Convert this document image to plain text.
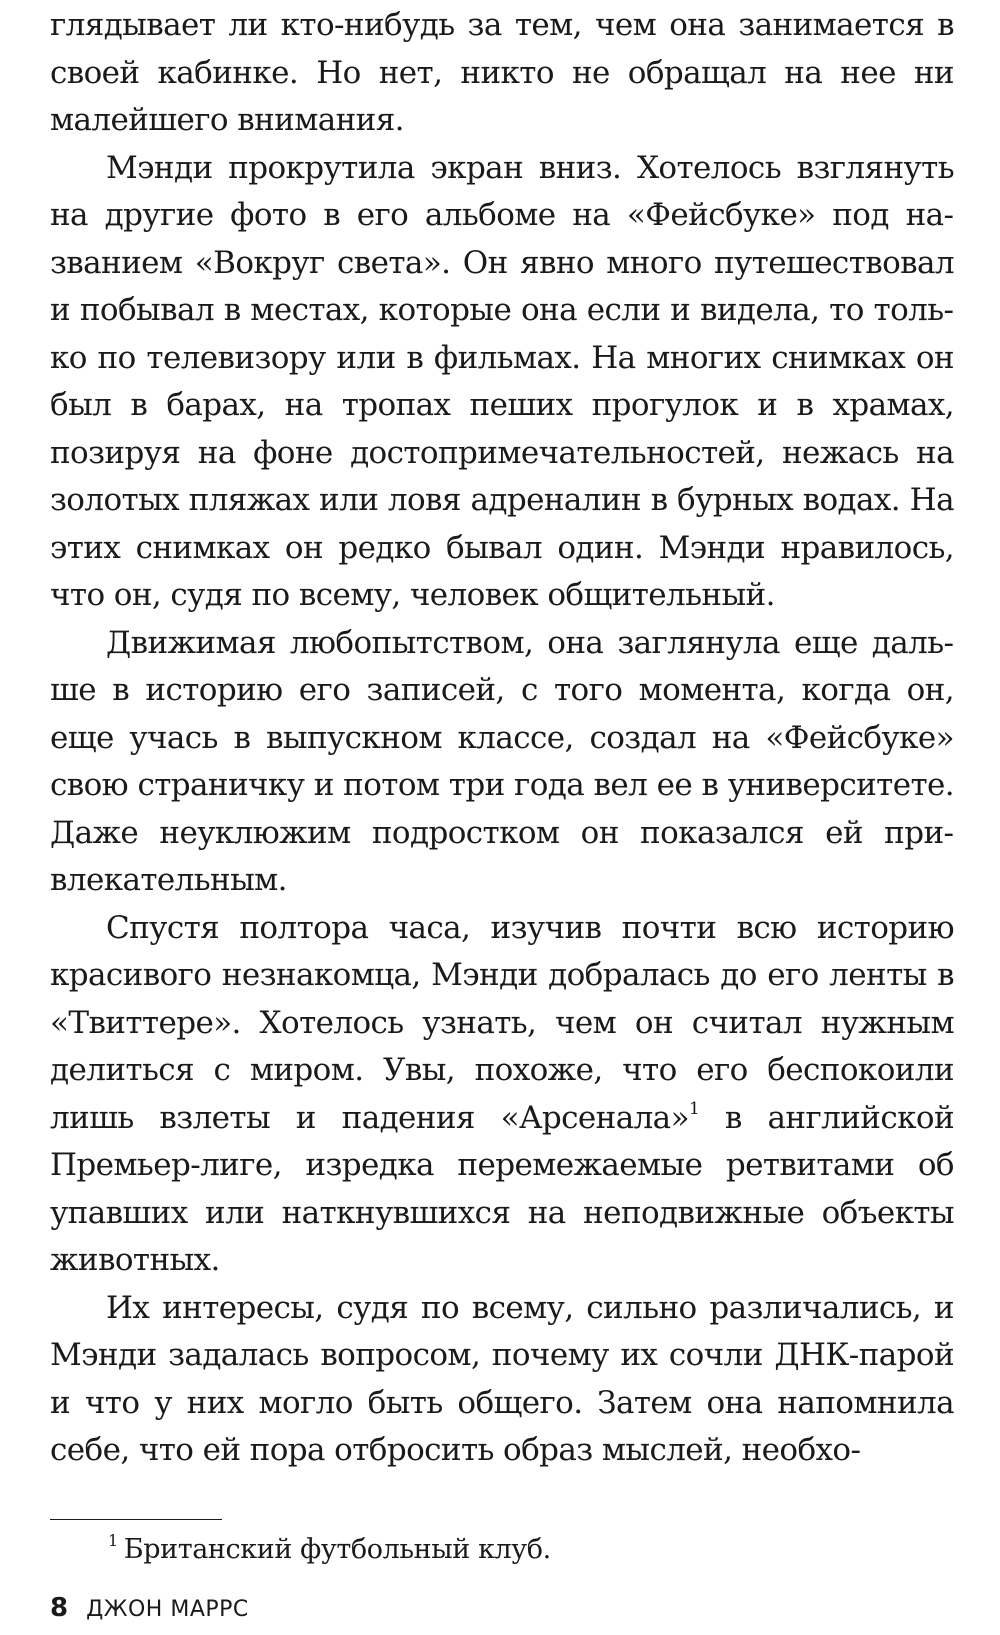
глядывает ли кто-нибудь за тем, чем она занимается в своей кабинке. Но нет, никто не обращал на нее ни малейшего внимания.

Мэнди прокрутила экран вниз. Хотелось взглянуть на другие фото в его альбоме на «Фейсбуке» под названием «Вокруг света». Он явно много путешествовал и побывал в местах, которые она если и видела, то только по телевизору или в фильмах. На многих снимках он был в барах, на тропах пеших прогулок и в храмах, позируя на фоне достопримечательностей, нежась на золотых пляжах или ловя адреналин в бурных водах. На этих снимках он редко бывал один. Мэнди нравилось, что он, судя по всему, человек общительный.

Движимая любопытством, она заглянула еще дальше в историю его записей, с того момента, когда он, еще учась в выпускном классе, создал на «Фейсбуке» свою страничку и потом три года вел ее в университете. Даже неуклюжим подростком он показался ей привлекательным.

Спустя полтора часа, изучив почти всю историю красивого незнакомца, Мэнди добралась до его ленты в «Твиттере». Хотелось узнать, чем он считал нужным делиться с миром. Увы, похоже, что его беспокоили лишь взлеты и падения «Арсенала»$^1$ в английской Премьер-лиге, изредка перемежаемые ретвитами об упавших или наткнувшихся на неподвижные объекты животных.

Их интересы, судя по всему, сильно различались, и Мэнди задалась вопросом, почему их сочли ДНК-парой и что у них могло быть общего. Затем она напомнила себе, что ей пора отбросить образ мыслей, необхо-

$^1$ Британский футбольный клуб.
8 ДЖОН МАРРС
